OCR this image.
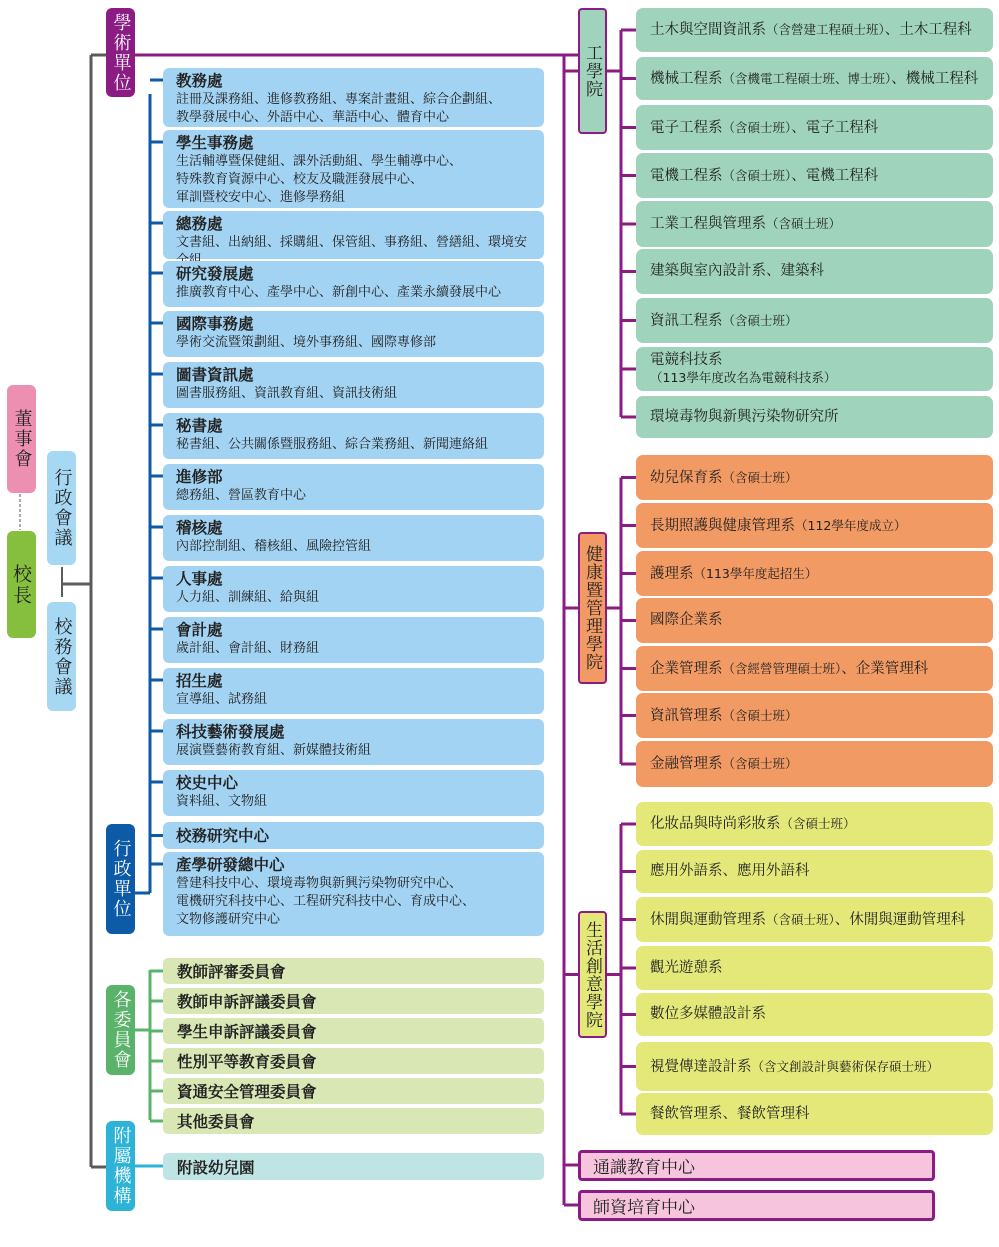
董事會
校長
行政會議
校務會議
學術單位
行政單位
各委員會
附屬機構
教務處
註冊及課務組、進修教務組、專案計畫組、綜合企劃組、
教學發展中心、外語中心、華語中心、體育中心
學生事務處
生活輔導暨保健組、課外活動組、學生輔導中心、
特殊教育資源中心、校友及職涯發展中心、
軍訓暨校安中心、進修學務組
總務處
文書組、出納組、採購組、保管組、事務組、營繕組、環境安
研究發展處
推廣教育中心、產學中心、新創中心、產業永續發展中心
國際事務處
學術交流暨策劃組、境外事務組、國際專修部
圖書資訊處
圖書服務組、資訊教育組、資訊技術組
秘書處
秘書組、公共關係暨服務組、綜合業務組、新聞連絡組
進修部
總務組、營區教育中心
稽核處
內部控制組、稽核組、風險控管組
人事處
人力組、訓練組、給與組
會計處
歲計組、會計組、財務組
招生處
宣導組、試務組
科技藝術發展處
展演暨藝術教育組、新媒體技術組
校史中心
資料組、文物組
校務研究中心
產學研發總中心
營建科技中心、環境毒物與新興污染物研究中心、
電機研究科技中心、工程研究科技中心、育成中心、
文物修護研究中心
教師評審委員會
教師申訴評議委員會
學生申訴評議委員會
性別平等教育委員會
資通安全管理委員會
其他委員會
附設幼兒園
工學院
土木與空間資訊系（含營建工程碩士班）、土木工程科
機械工程系（含機電工程碩士班、博士班）、機械工程科
電子工程系（含碩士班）、電子工程科
電機工程系（含碩士班）、電機工程科
工業工程與管理系（含碩士班）
建築與室內設計系、建築科
資訊工程系（含碩士班）
電競科技系
（113學年度改名為電競科技系）
環境毒物與新興污染物研究所
健康暨管理學院
幼兒保育系（含碩士班）
長期照護與健康管理系（112學年度成立）
護理系（113學年度起招生）
國際企業系
企業管理系（含經營管理碩士班）、企業管理科
資訊管理系（含碩士班）
金融管理系（含碩士班）
生活創意學院
化妝品與時尚彩妝系（含碩士班）
應用外語系、應用外語科
休閒與運動管理系（含碩士班）、休閒與運動管理科
觀光遊憩系
數位多媒體設計系
視覺傳達設計系（含文創設計與藝術保存碩士班）
餐飲管理系、餐飲管理科
通識教育中心
師資培育中心
